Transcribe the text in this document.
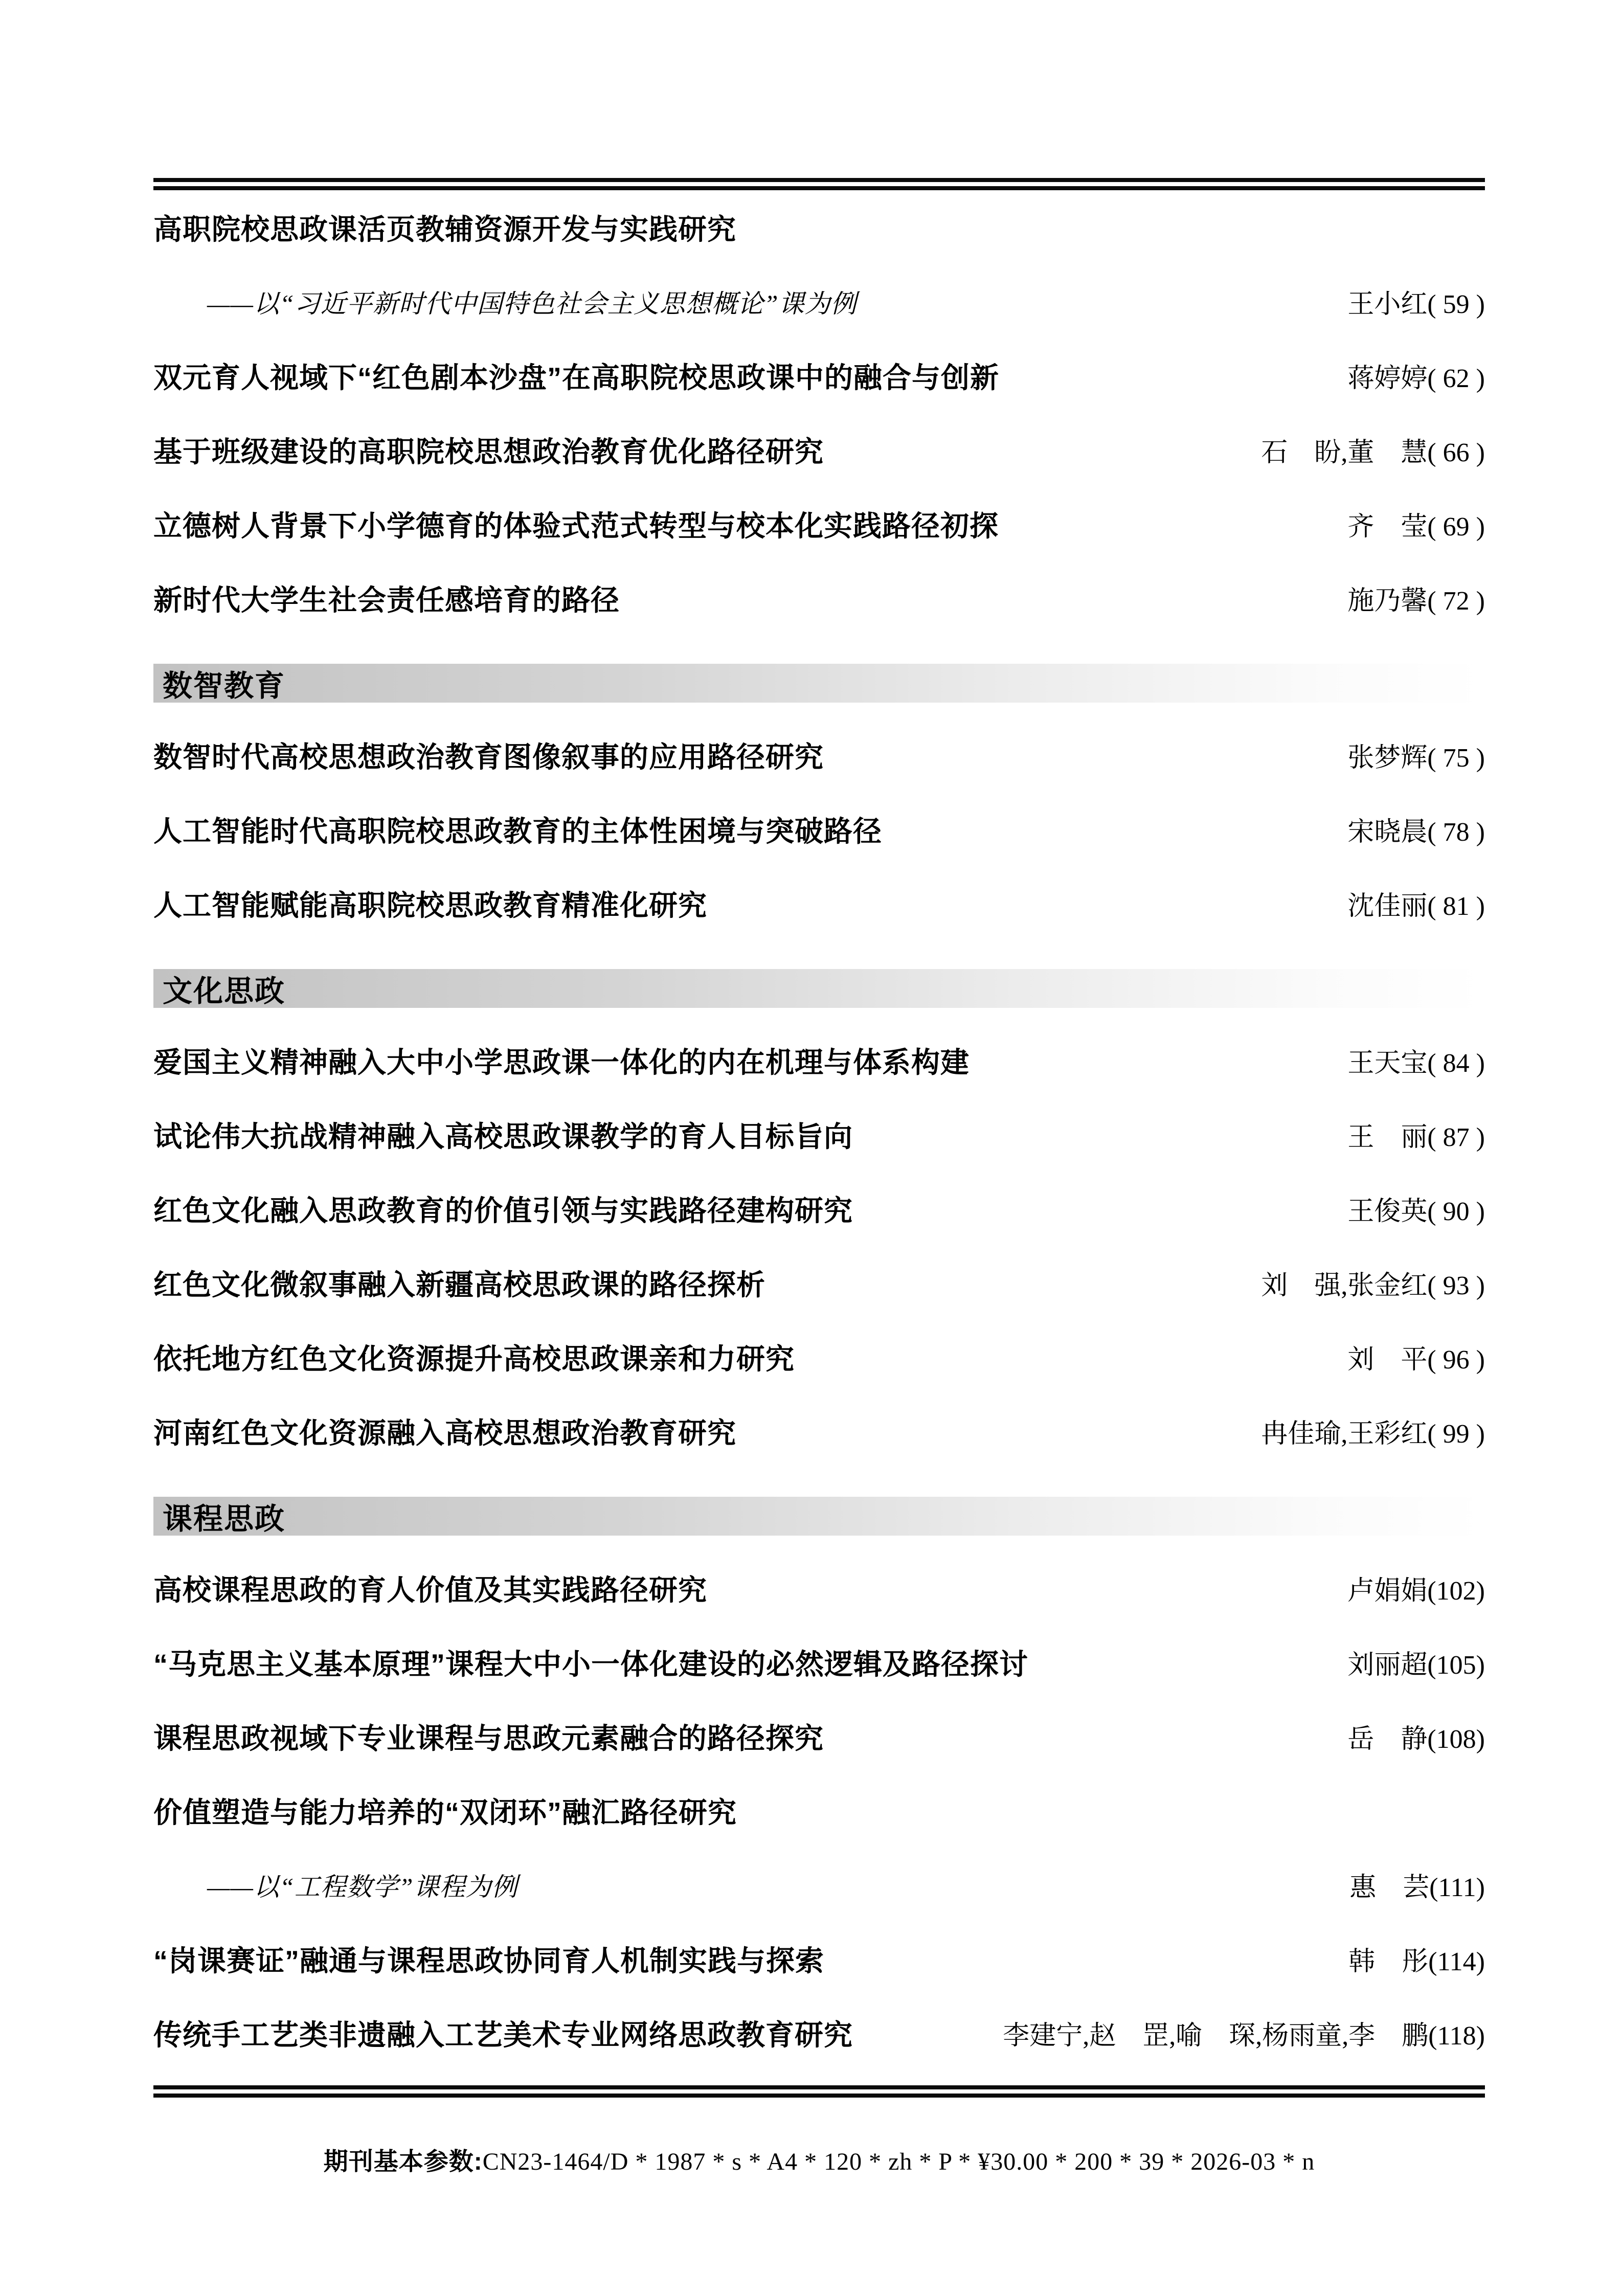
高职院校思政课活页教辅资源开发与实践研究
——以“习近平新时代中国特色社会主义思想概论”课为例	王小红( 59 )
双元育人视域下“红色剧本沙盘”在高职院校思政课中的融合与创新	蒋婷婷( 62 )
基于班级建设的高职院校思想政治教育优化路径研究	石　盼,董　慧( 66 )
立德树人背景下小学德育的体验式范式转型与校本化实践路径初探	齐　莹( 69 )
新时代大学生社会责任感培育的路径	施乃馨( 72 )
数智教育
数智时代高校思想政治教育图像叙事的应用路径研究	张梦辉( 75 )
人工智能时代高职院校思政教育的主体性困境与突破路径	宋晓晨( 78 )
人工智能赋能高职院校思政教育精准化研究	沈佳丽( 81 )
文化思政
爱国主义精神融入大中小学思政课一体化的内在机理与体系构建	王天宝( 84 )
试论伟大抗战精神融入高校思政课教学的育人目标旨向	王　丽( 87 )
红色文化融入思政教育的价值引领与实践路径建构研究	王俊英( 90 )
红色文化微叙事融入新疆高校思政课的路径探析	刘　强,张金红( 93 )
依托地方红色文化资源提升高校思政课亲和力研究	刘　平( 96 )
河南红色文化资源融入高校思想政治教育研究	冉佳瑜,王彩红( 99 )
课程思政
高校课程思政的育人价值及其实践路径研究	卢娟娟(102)
“马克思主义基本原理”课程大中小一体化建设的必然逻辑及路径探讨	刘丽超(105)
课程思政视域下专业课程与思政元素融合的路径探究	岳　静(108)
价值塑造与能力培养的“双闭环”融汇路径研究
——以“工程数学”课程为例	惠　芸(111)
“岗课赛证”融通与课程思政协同育人机制实践与探索	韩　彤(114)
传统手工艺类非遗融入工艺美术专业网络思政教育研究	李建宁,赵　罡,喻　琛,杨雨童,李　鹏(118)
期刊基本参数:CN23-1464/D * 1987 * s * A4 * 120 * zh * P * ¥30.00 * 200 * 39 * 2026-03 * n
